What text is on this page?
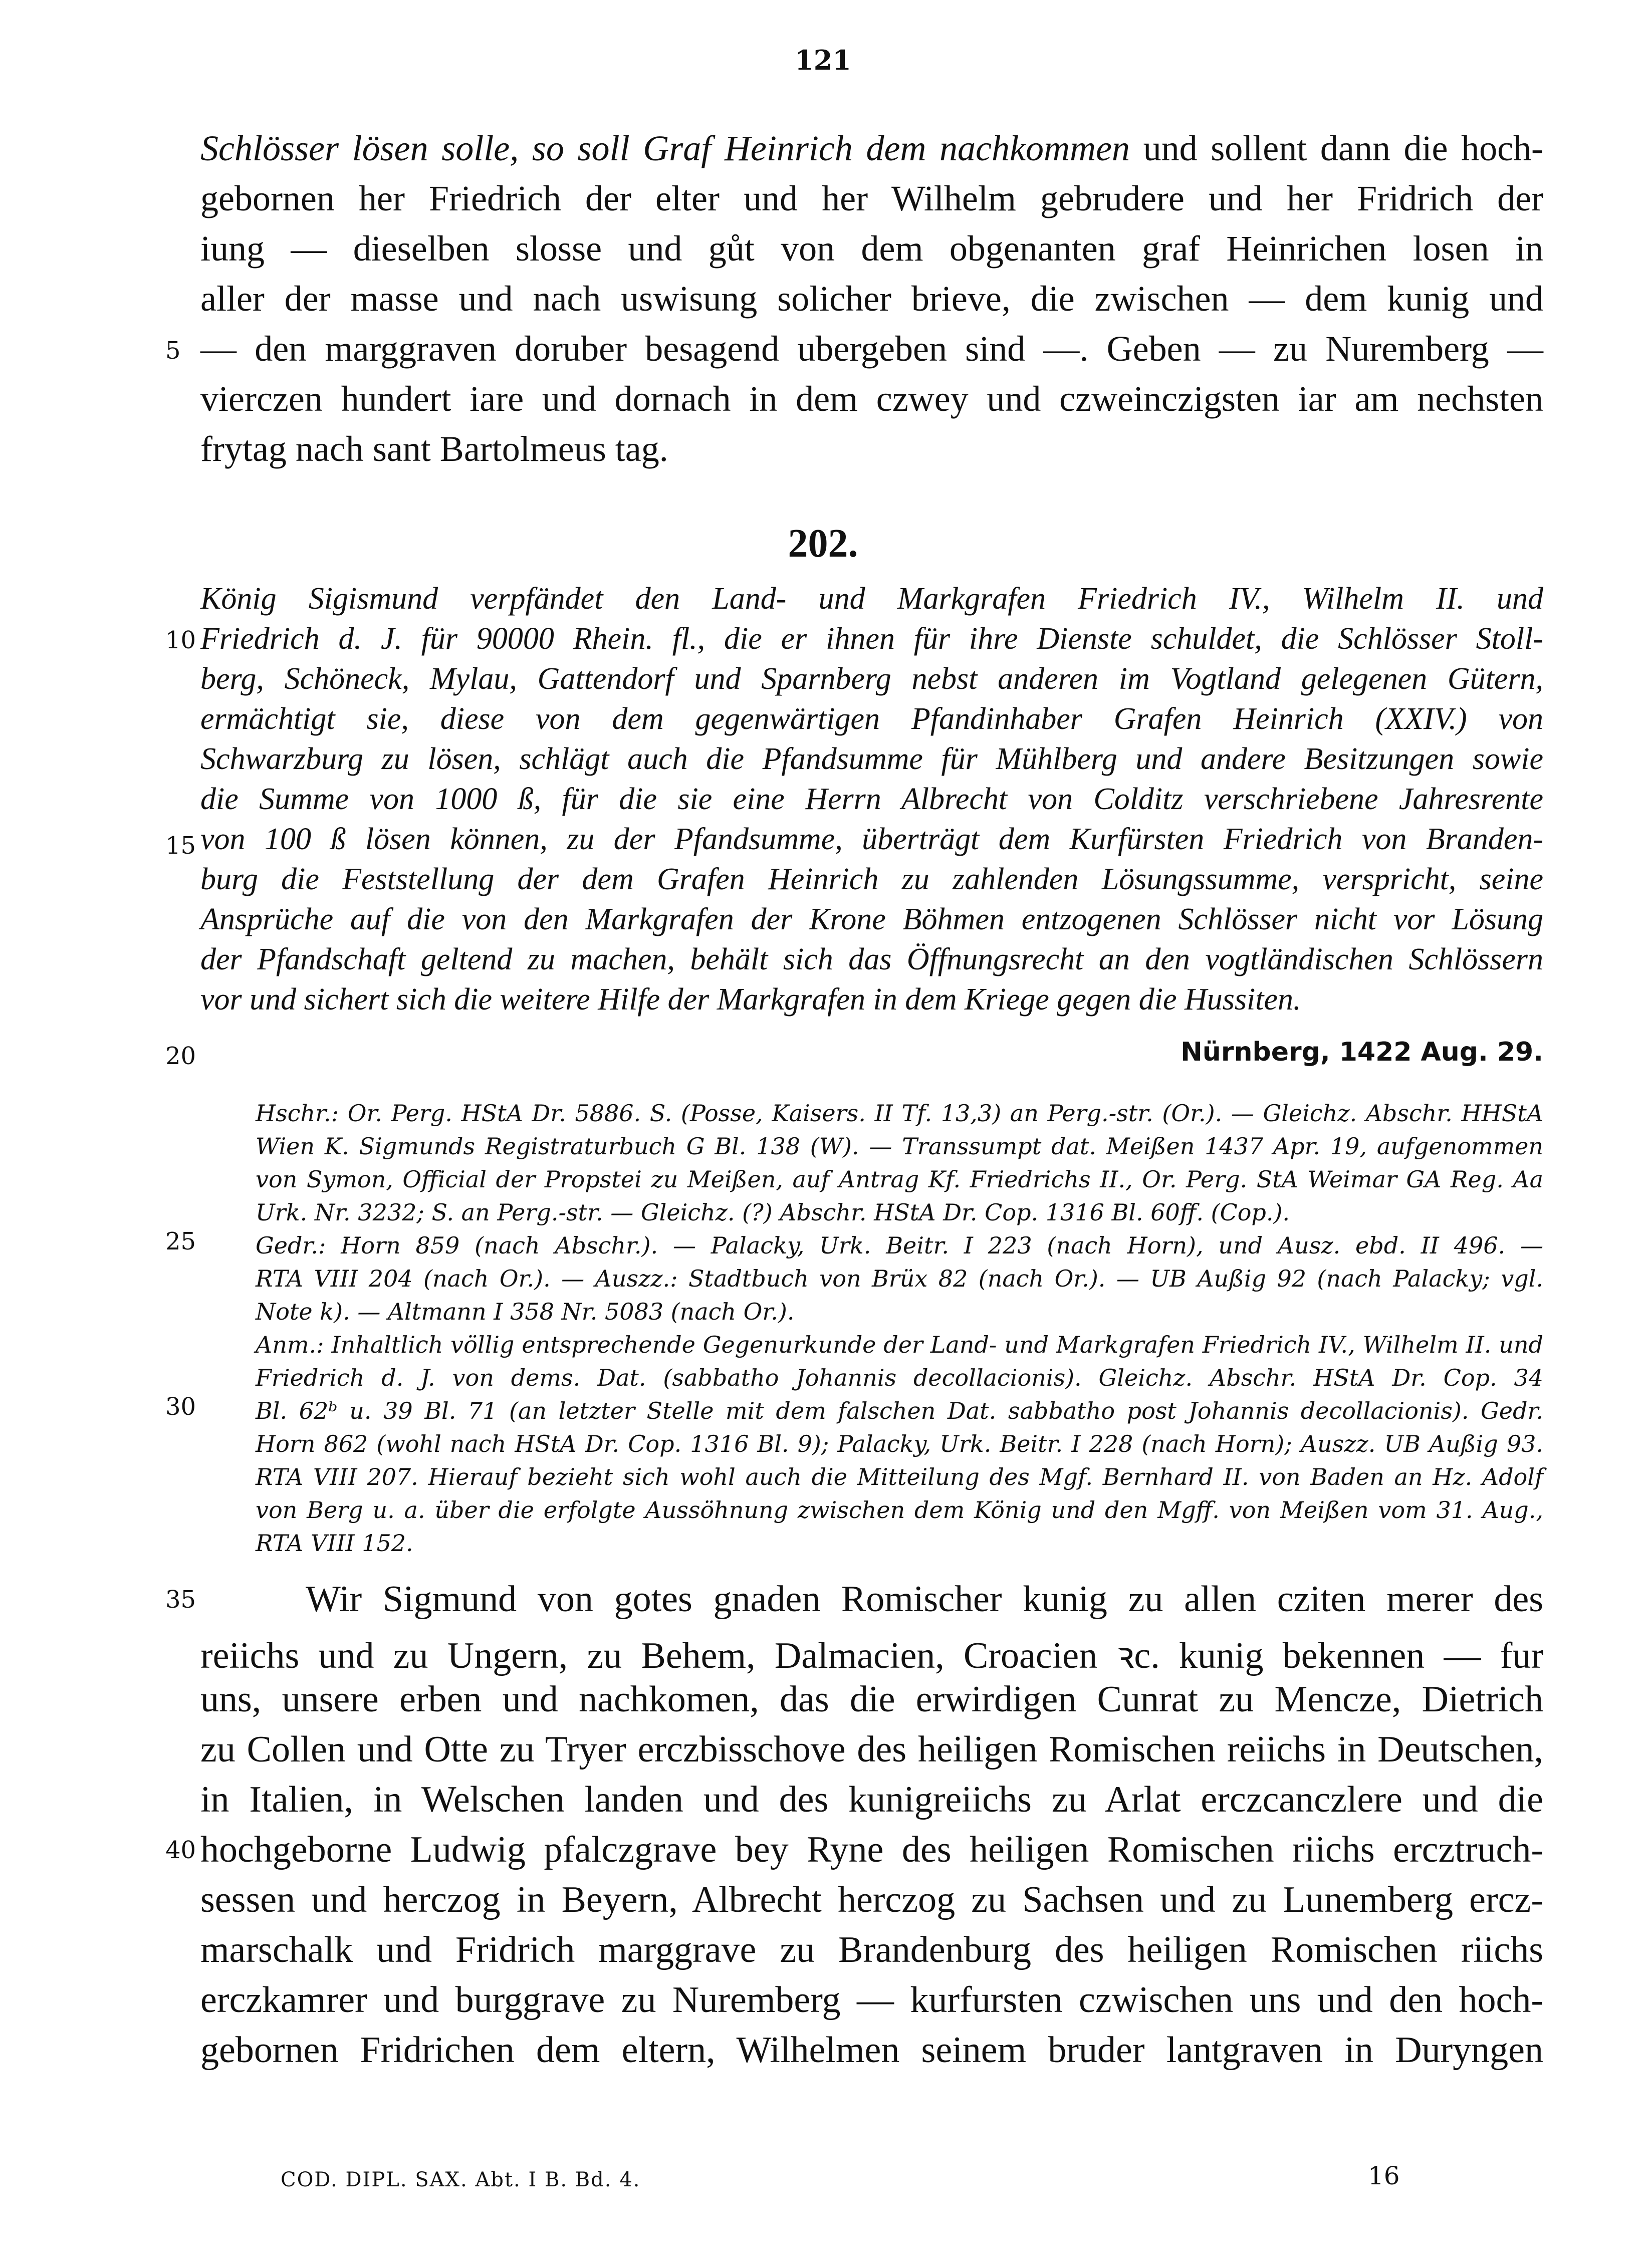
121
Schlösser lösen solle, so soll Graf Heinrich dem nachkommen und sollent dann die hoch-
gebornen her Friedrich der elter und her Wilhelm gebrudere und her Fridrich der
iung — dieselben slosse und gůt von dem obgenanten graf Heinrichen losen in
aller der masse und nach uswisung solicher brieve, die zwischen — dem kunig und
— den marggraven doruber besagend ubergeben sind —. Geben — zu Nuremberg —
vierczen hundert iare und dornach in dem czwey und czweinczigsten iar am nechsten
frytag nach sant Bartolmeus tag.
202.
König Sigismund verpfändet den Land- und Markgrafen Friedrich IV., Wilhelm II. und
Friedrich d. J. für 90000 Rhein. fl., die er ihnen für ihre Dienste schuldet, die Schlösser Stoll-
berg, Schöneck, Mylau, Gattendorf und Sparnberg nebst anderen im Vogtland gelegenen Gütern,
ermächtigt sie, diese von dem gegenwärtigen Pfandinhaber Grafen Heinrich (XXIV.) von
Schwarzburg zu lösen, schlägt auch die Pfandsumme für Mühlberg und andere Besitzungen sowie
die Summe von 1000 ß, für die sie eine Herrn Albrecht von Colditz verschriebene Jahresrente
von 100 ß lösen können, zu der Pfandsumme, überträgt dem Kurfürsten Friedrich von Branden-
burg die Feststellung der dem Grafen Heinrich zu zahlenden Lösungssumme, verspricht, seine
Ansprüche auf die von den Markgrafen der Krone Böhmen entzogenen Schlösser nicht vor Lösung
der Pfandschaft geltend zu machen, behält sich das Öffnungsrecht an den vogtländischen Schlössern
vor und sichert sich die weitere Hilfe der Markgrafen in dem Kriege gegen die Hussiten.
Nürnberg, 1422 Aug. 29.
Hschr.: Or. Perg. HStA Dr. 5886. S. (Posse, Kaisers. II Tf. 13,3) an Perg.-str. (Or.). — Gleichz. Abschr. HHStA
Wien K. Sigmunds Registraturbuch G Bl. 138 (W). — Transsumpt dat. Meißen 1437 Apr. 19, aufgenommen
von Symon, Official der Propstei zu Meißen, auf Antrag Kf. Friedrichs II., Or. Perg. StA Weimar GA Reg. Aa
Urk. Nr. 3232; S. an Perg.-str. — Gleichz. (?) Abschr. HStA Dr. Cop. 1316 Bl. 60ff. (Cop.).
Gedr.: Horn 859 (nach Abschr.). — Palacky, Urk. Beitr. I 223 (nach Horn), und Ausz. ebd. II 496. —
RTA VIII 204 (nach Or.). — Auszz.: Stadtbuch von Brüx 82 (nach Or.). — UB Außig 92 (nach Palacky; vgl.
Note k). — Altmann I 358 Nr. 5083 (nach Or.).
Anm.: Inhaltlich völlig entsprechende Gegenurkunde der Land- und Markgrafen Friedrich IV., Wilhelm II. und
Friedrich d. J. von dems. Dat. (sabbatho Johannis decollacionis). Gleichz. Abschr. HStA Dr. Cop. 34
Bl. 62ᵇ u. 39 Bl. 71 (an letzter Stelle mit dem falschen Dat. sabbatho post Johannis decollacionis). Gedr.
Horn 862 (wohl nach HStA Dr. Cop. 1316 Bl. 9); Palacky, Urk. Beitr. I 228 (nach Horn); Auszz. UB Außig 93.
RTA VIII 207. Hierauf bezieht sich wohl auch die Mitteilung des Mgf. Bernhard II. von Baden an Hz. Adolf
von Berg u. a. über die erfolgte Aussöhnung zwischen dem König und den Mgff. von Meißen vom 31. Aug.,
RTA VIII 152.
Wir Sigmund von gotes gnaden Romischer kunig zu allen cziten merer des
reiichs und zu Ungern, zu Behem, Dalmacien, Croacien ꝛc. kunig bekennen — fur
uns, unsere erben und nachkomen, das die erwirdigen Cunrat zu Mencze, Dietrich
zu Collen und Otte zu Tryer erczbisschove des heiligen Romischen reiichs in Deutschen,
in Italien, in Welschen landen und des kunigreiichs zu Arlat erczcanczlere und die
hochgeborne Ludwig pfalczgrave bey Ryne des heiligen Romischen riichs ercztruch-
sessen und herczog in Beyern, Albrecht herczog zu Sachsen und zu Lunemberg ercz-
marschalk und Fridrich marggrave zu Brandenburg des heiligen Romischen riichs
erczkamrer und burggrave zu Nuremberg — kurfursten czwischen uns und den hoch-
gebornen Fridrichen dem eltern, Wilhelmen seinem bruder lantgraven in Duryngen
5
10
15
20
25
30
35
40
COD. DIPL. SAX. Abt. I B. Bd. 4.	16
